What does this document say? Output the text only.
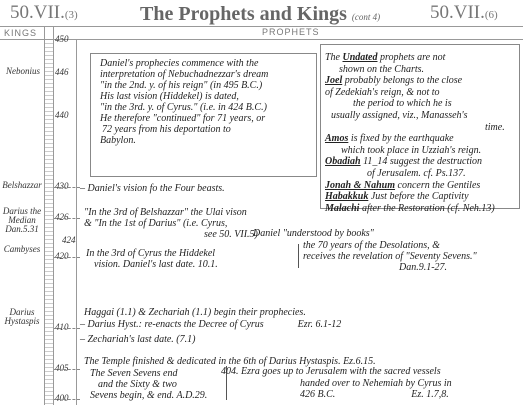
50.VII.(3)	The Prophets and Kings (cont 4)	50.VII.(6)
KINGS	PROPHETS
450
446
440
430
426
424
420
410
405
400
Nebonius
Belshazzar
Darius the Median
Dan.5.31
Cambyses
Darius Hystaspis
Daniel's prophecies commence with the
interpretation of Nebuchadnezzar's dream
"in the 2nd. y. of his reign" (in 495 B.C.)
His last vision (Hiddekel) is dated,
"in the 3rd. y. of Cyrus." (i.e. in 424 B.C.)
He therefore "continued" for 71 years, or
72 years from his deportation to
Babylon.
The Undated prophets are not
shown on the Charts.
Joel probably belongs to the close
of Zedekiah's reign, & not to
the period to which he is
usually assigned, viz., Manasseh's
time.
Amos is fixed by the earthquake
which took place in Uzziah's reign.
Obadiah 11_14 suggest the destruction
of Jerusalem. cf. Ps.137.
Jonah & Nahum concern the Gentiles
Habakkuk Just before the Captivity
Malachi after the Restoration (cf. Neh.13)
– Daniel's vision fo the Four beasts.
"In the 3rd of Belshazzar" the Ulai vison
& "In the 1st of Darius" (i.e. Cyrus,
see 50. VII.5)
Daniel "understood by books"
In the 3rd of Cyrus the Hiddekel
vision. Daniel's last date. 10.1.
the 70 years of the Desolations, &
receives the revelation of "Seventy Sevens."
Dan.9.1-27.
Haggai (1.1) & Zechariah (1.1) begin their prophecies.
– Darius Hyst.: re-enacts the Decree of Cyrus	Ezr. 6.1-12
– Zechariah's last date. (7.1)
The Temple finished & dedicated in the 6th of Darius Hystaspis. Ez.6.15.
The Seven Sevens end
and the Sixty & two
Sevens begin, & end. A.D.29.
404. Ezra goes up to Jerusalem with the sacred vessels
handed over to Nehemiah by Cyrus in
426 B.C.	Ez. 1.7,8.
